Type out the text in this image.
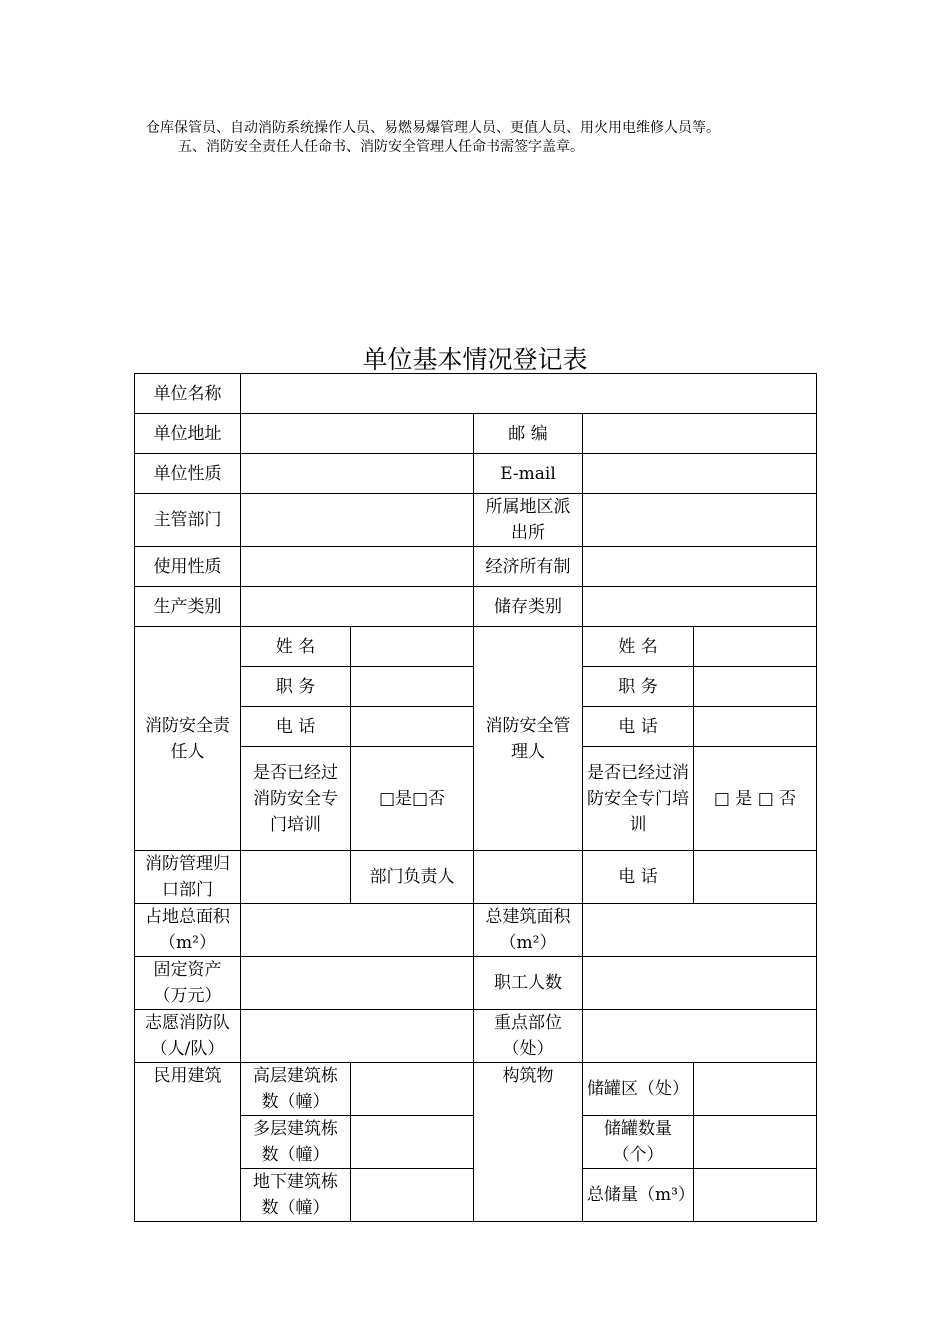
仓库保管员、自动消防系统操作人员、易燃易爆管理人员、更值人员、用火用电维修人员等。
五、消防安全责任人任命书、消防安全管理人任命书需签字盖章。
单位基本情况登记表
单位名称					
单位地址			邮 编		
单位性质			E-mail		
主管部门			所属地区派出所		
使用性质			经济所有制		
生产类别			储存类别		
消防安全责任人	姓 名		消防安全管理人	姓 名	
	职 务			职 务	
	电 话			电 话	
	是否已经过消防安全专门培训	□是□否		是否已经过消防安全专门培训	□ 是 □ 否
消防管理归口部门		部门负责人		电 话	
占地总面积（m²）			总建筑面积（m²）		
固定资产（万元）			职工人数		
志愿消防队（人/队）			重点部位（处）		
民用建筑	高层建筑栋数（幢）		构筑物	储罐区（处）	
	多层建筑栋数（幢）			储罐数量（个）	
	地下建筑栋数（幢）			总储量（m³）	
